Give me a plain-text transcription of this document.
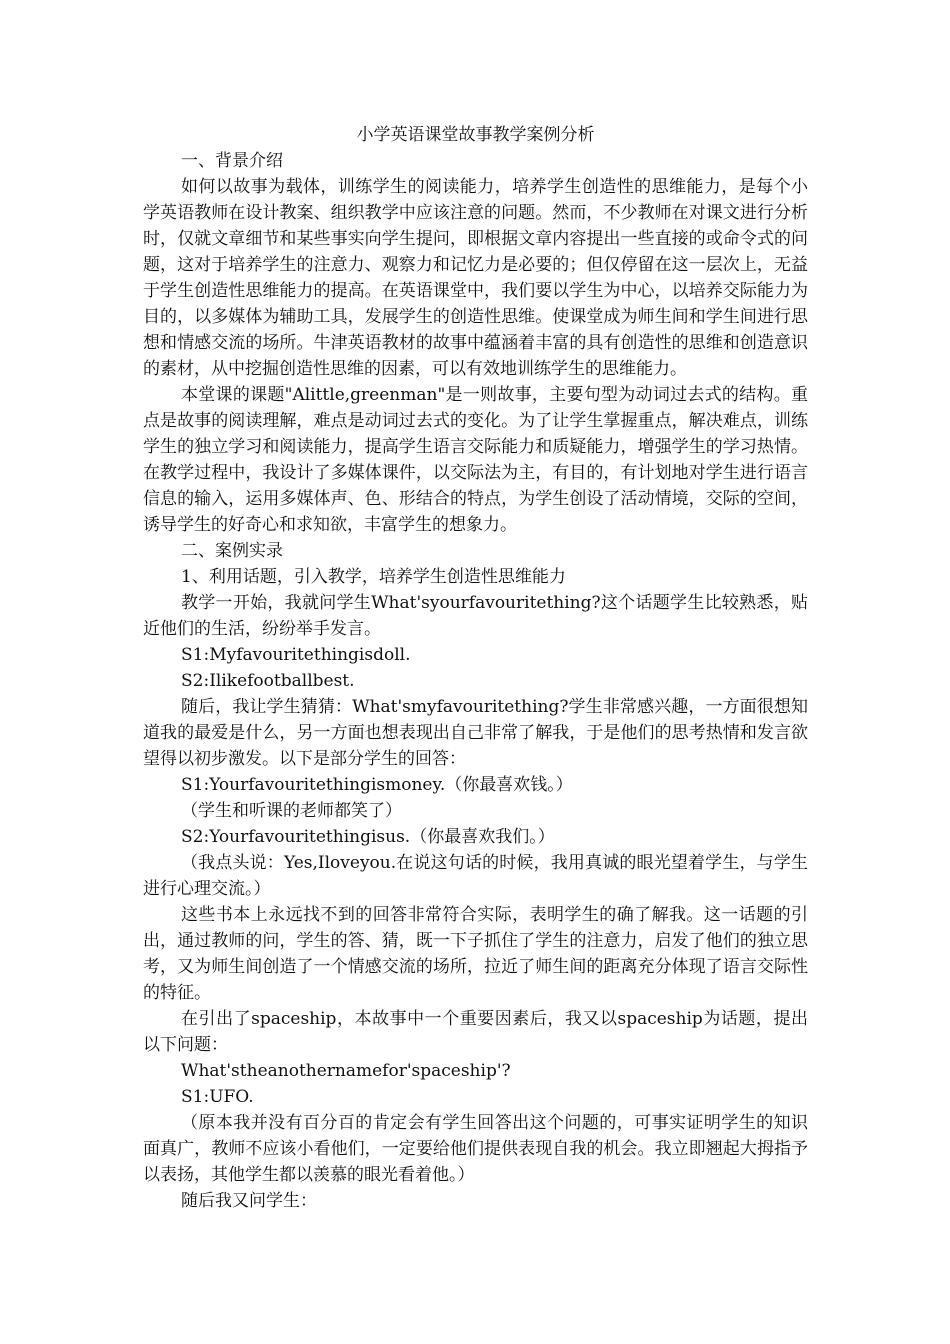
小学英语课堂故事教学案例分析

一、背景介绍

如何以故事为载体，训练学生的阅读能力，培养学生创造性的思维能力，是每个小学英语教师在设计教案、组织教学中应该注意的问题。然而，不少教师在对课文进行分析时，仅就文章细节和某些事实向学生提问，即根据文章内容提出一些直接的或命令式的问题，这对于培养学生的注意力、观察力和记忆力是必要的；但仅停留在这一层次上，无益于学生创造性思维能力的提高。在英语课堂中，我们要以学生为中心，以培养交际能力为目的，以多媒体为辅助工具，发展学生的创造性思维。使课堂成为师生间和学生间进行思想和情感交流的场所。牛津英语教材的故事中蕴涵着丰富的具有创造性的思维和创造意识的素材，从中挖掘创造性思维的因素，可以有效地训练学生的思维能力。

本堂课的课题"Alittle,greenman"是一则故事，主要句型为动词过去式的结构。重点是故事的阅读理解，难点是动词过去式的变化。为了让学生掌握重点，解决难点，训练学生的独立学习和阅读能力，提高学生语言交际能力和质疑能力，增强学生的学习热情。在教学过程中，我设计了多媒体课件，以交际法为主，有目的，有计划地对学生进行语言信息的输入，运用多媒体声、色、形结合的特点，为学生创设了活动情境，交际的空间，诱导学生的好奇心和求知欲，丰富学生的想象力。

二、案例实录

1、利用话题，引入教学，培养学生创造性思维能力

教学一开始，我就问学生What'syourfavouritething?这个话题学生比较熟悉，贴近他们的生活，纷纷举手发言。

S1:Myfavouritethingisdoll.

S2:Ilikefootballbest.

随后，我让学生猜猜：What'smyfavouritething?学生非常感兴趣，一方面很想知道我的最爱是什么，另一方面也想表现出自己非常了解我，于是他们的思考热情和发言欲望得以初步激发。以下是部分学生的回答：

S1:Yourfavouritethingismoney.（你最喜欢钱。）

（学生和听课的老师都笑了）

S2:Yourfavouritethingisus.（你最喜欢我们。）

（我点头说：Yes,Iloveyou.在说这句话的时候，我用真诚的眼光望着学生，与学生进行心理交流。）

这些书本上永远找不到的回答非常符合实际，表明学生的确了解我。这一话题的引出，通过教师的问，学生的答、猜，既一下子抓住了学生的注意力，启发了他们的独立思考，又为师生间创造了一个情感交流的场所，拉近了师生间的距离充分体现了语言交际性的特征。

在引出了spaceship，本故事中一个重要因素后，我又以spaceship为话题，提出以下问题：

What'stheanothernamefor'spaceship'?

S1:UFO.

（原本我并没有百分百的肯定会有学生回答出这个问题的，可事实证明学生的知识面真广，教师不应该小看他们，一定要给他们提供表现自我的机会。我立即翘起大拇指予以表扬，其他学生都以羡慕的眼光看着他。）

随后我又问学生：
